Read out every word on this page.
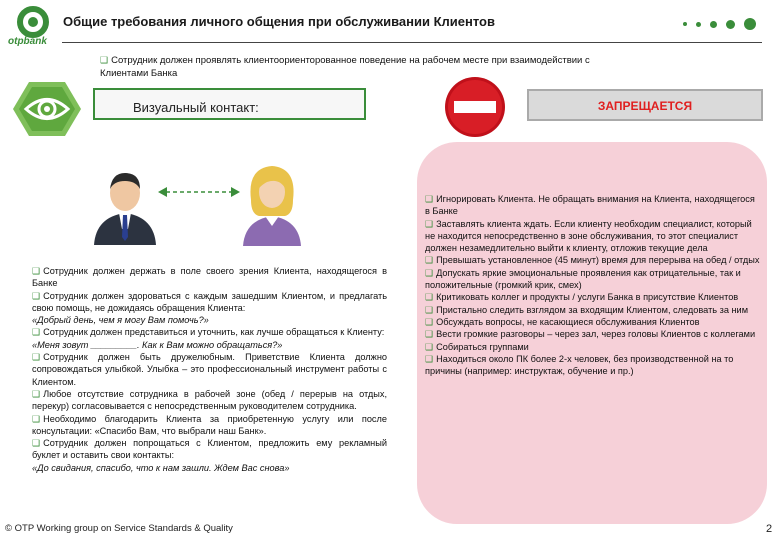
otpbank
Общие требования личного общения при обслуживании Клиентов
❑ Сотрудник должен проявлять клиентоориенторованное поведение на рабочем месте при взаимодействии с
Клиентами Банка
Визуальный контакт:	ЗАПРЕЩАЕТСЯ

❑ Сотрудник должен держать в поле своего зрения Клиента, находящегося в Банке

❑ Сотрудник должен здороваться с каждым зашедшим Клиентом, и предлагать свою помощь, не дожидаясь обращения Клиента:

«Добрый день, чем я могу Вам помочь?»

❑ Сотрудник должен представиться и уточнить, как лучше обращаться к Клиенту:

«Меня зовут _________. Как к Вам можно обращаться?»

❑ Сотрудник должен быть дружелюбным. Приветствие Клиента должно сопровождаться улыбкой. Улыбка – это профессиональный инструмент работы с Клиентом.

❑ Любое отсутствие сотрудника в рабочей зоне (обед / перерыв на отдых, перекур) согласовывается с непосредственным руководителем сотрудника.

❑ Необходимо благодарить Клиента за приобретенную услугу или после консультации: «Спасибо Вам, что выбрали наш Банк».

❑ Сотрудник должен попрощаться с Клиентом, предложить ему рекламный буклет и оставить свои контакты:

«До свидания, спасибо, что к нам зашли. Ждем Вас снова»

❑ Игнорировать Клиента. Не обращать внимания на Клиента, находящегося в Банке

❑ Заставлять клиента ждать. Если клиенту необходим специалист, который не находится непосредственно в зоне обслуживания, то этот специалист должен незамедлительно выйти к клиенту, отложив текущие дела

❑ Превышать установленное (45 минут) время для перерыва на обед / отдых

❑ Допускать яркие эмоциональные проявления как отрицательные, так и положительные (громкий крик, смех)

❑ Критиковать коллег и продукты / услуги Банка в присутствие Клиентов

❑ Пристально следить взглядом за входящим Клиентом, следовать за ним

❑ Обсуждать вопросы, не касающиеся обслуживания Клиентов

❑ Вести громкие разговоры – через зал, через головы Клиентов с коллегами

❑ Собираться группами

❑ Находиться около ПК более 2-х человек, без производственной на то причины (например: инструктаж, обучение и пр.)

© OTP Working group on Service Standards & Quality	2
